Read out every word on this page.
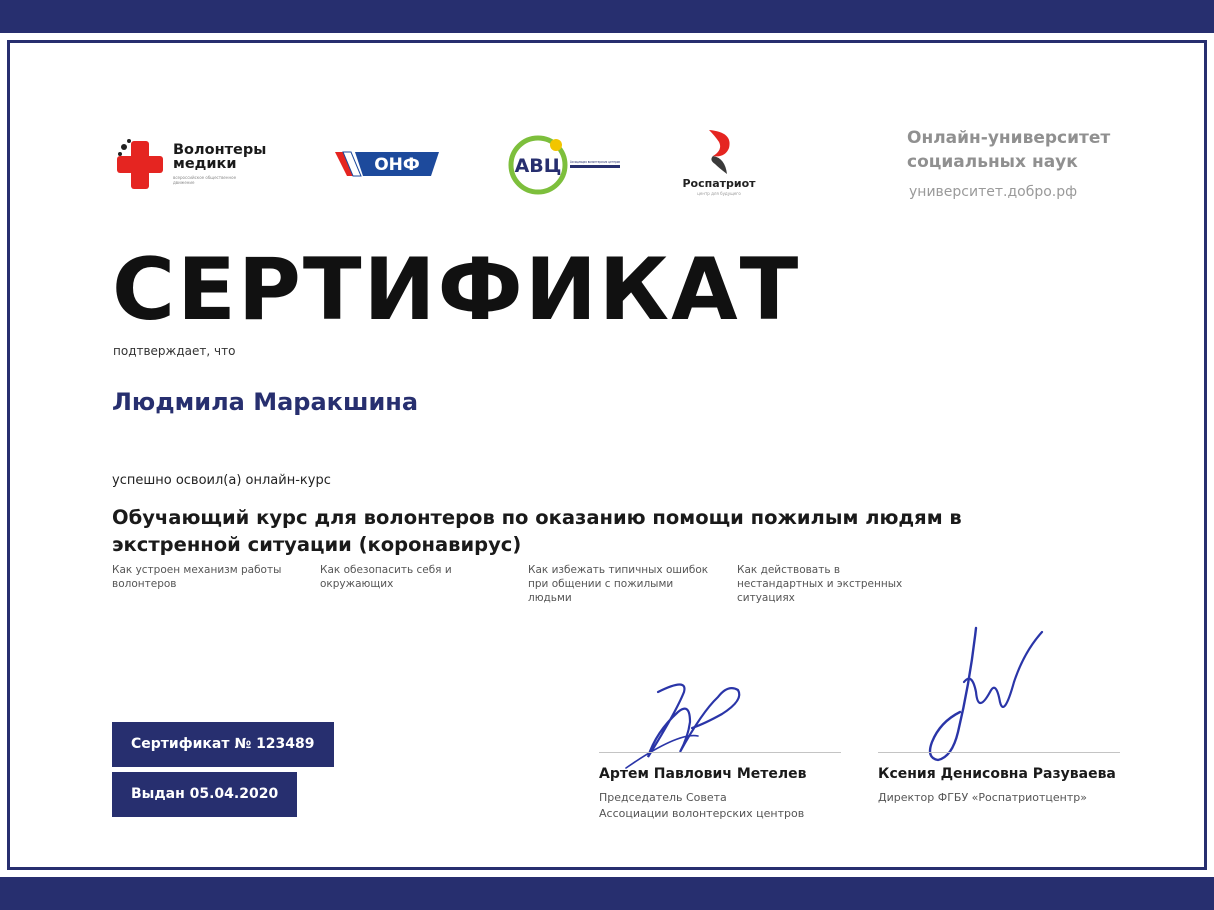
Волонтеры
медики
всероссийское общественное движение
ОНФ	АВЦ Ассоциация волонтерских центров
Роспатриот
центр для будущего
Онлайн-университет социальных наук
университет.добро.рф
СЕРТИФИКАТ
подтверждает, что
Людмила Маракшина
успешно освоил(а) онлайн-курс
Обучающий курс для волонтеров по оказанию помощи пожилым людям в экстренной ситуации (коронавирус)
Как устроен механизм работы волонтеров
Как обезопасить себя и окружающих
Как избежать типичных ошибок при общении с пожилыми людьми
Как действовать в нестандартных и экстренных ситуациях
Сертификат № 123489
Выдан 05.04.2020
Артем Павлович Метелев
Председатель Совета
Ассоциации волонтерских центров
Ксения Денисовна Разуваева
Директор ФГБУ «Роспатриотцентр»
